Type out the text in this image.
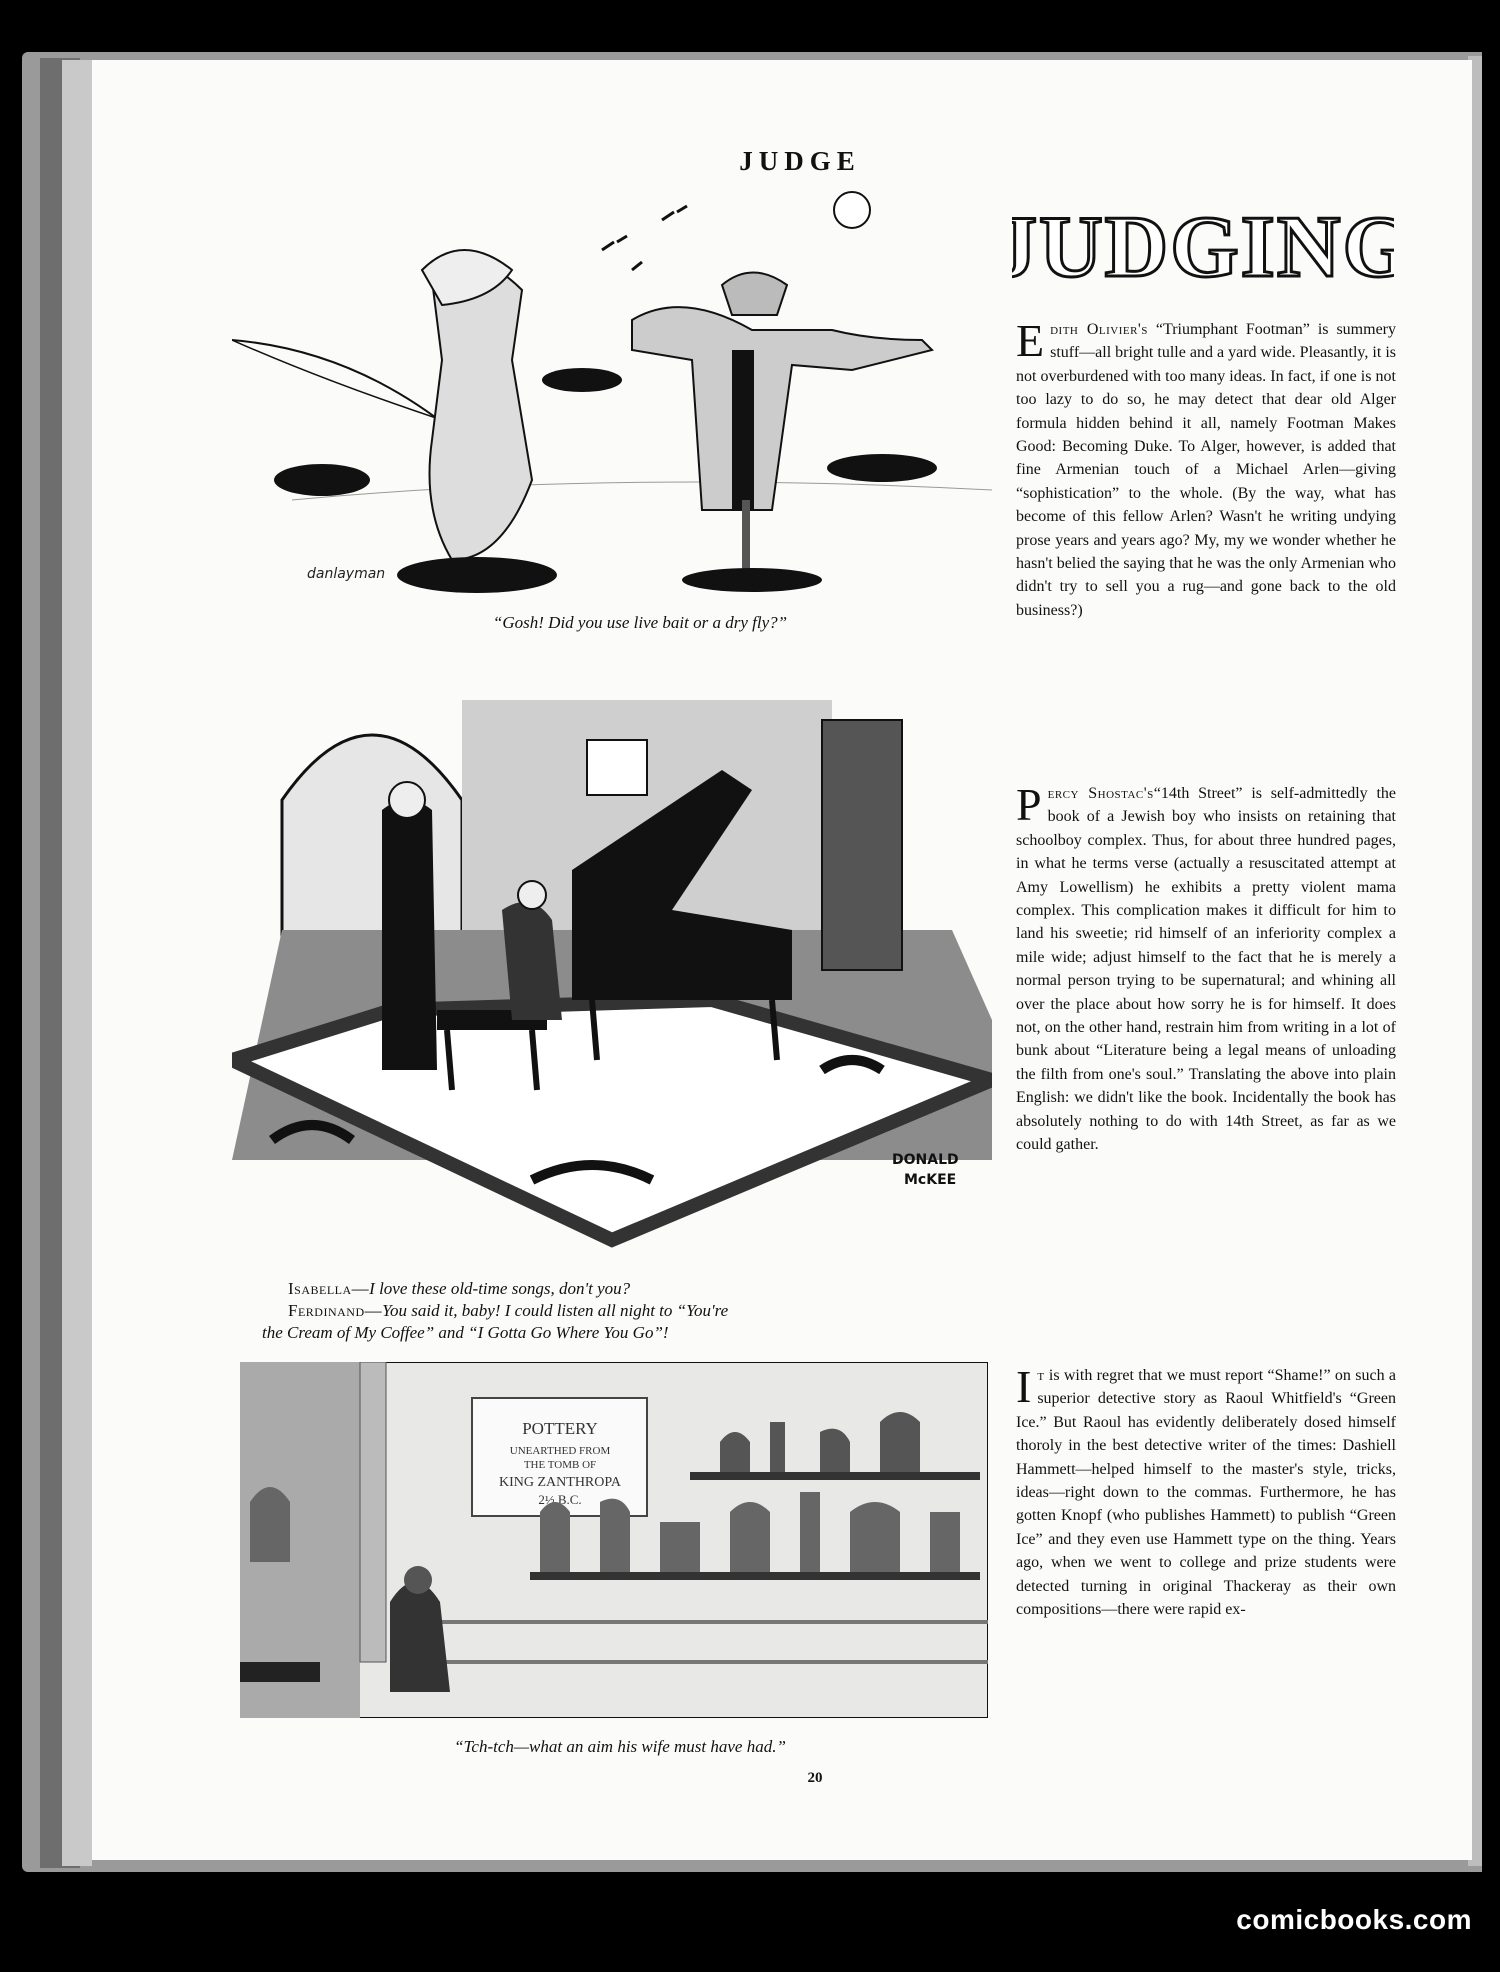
JUDGE
JUDGING
danlayman
“Gosh! Did you use live bait or a dry fly?”
DONALD
McKEE
Isabella—I love these old-time songs, don't you?
Ferdinand—You said it, baby! I could listen all night to “You're
the Cream of My Coffee” and “I Gotta Go Where You Go”!
POTTERY
UNEARTHED FROM
THE TOMB OF
KING ZANTHROPA
2½ B.C.
“Tch-tch—what an aim his wife must have had.”

Edith Olivier's “Triumphant Footman” is summery stuff—all bright tulle and a yard wide. Pleasantly, it is not overburdened with too many ideas. In fact, if one is not too lazy to do so, he may detect that dear old Alger formula hidden behind it all, namely Footman Makes Good: Becoming Duke. To Alger, however, is added that fine Armenian touch of a Michael Arlen—giving “sophistication” to the whole. (By the way, what has become of this fellow Arlen? Wasn't he writing undying prose years and years ago? My, my we wonder whether he hasn't belied the saying that he was the only Armenian who didn't try to sell you a rug—and gone back to the old business?)

Percy Shostac's“14th Street” is self-admittedly the book of a Jewish boy who insists on retaining that schoolboy complex. Thus, for about three hundred pages, in what he terms verse (actually a resuscitated attempt at Amy Lowellism) he exhibits a pretty violent mama complex. This complication makes it difficult for him to land his sweetie; rid himself of an inferiority complex a mile wide; adjust himself to the fact that he is merely a normal person trying to be supernatural; and whining all over the place about how sorry he is for himself. It does not, on the other hand, restrain him from writing in a lot of bunk about “Literature being a legal means of unloading the filth from one's soul.” Translating the above into plain English: we didn't like the book. Incidentally the book has absolutely nothing to do with 14th Street, as far as we could gather.

It is with regret that we must report “Shame!” on such a superior detective story as Raoul Whitfield's “Green Ice.” But Raoul has evidently deliberately dosed himself thoroly in the best detective writer of the times: Dashiell Hammett—helped himself to the master's style, tricks, ideas—right down to the commas. Furthermore, he has gotten Knopf (who publishes Hammett) to publish “Green Ice” and they even use Hammett type on the thing. Years ago, when we went to college and prize students were detected turning in original Thackeray as their own compositions—there were rapid ex-

20
comicbooks.com
